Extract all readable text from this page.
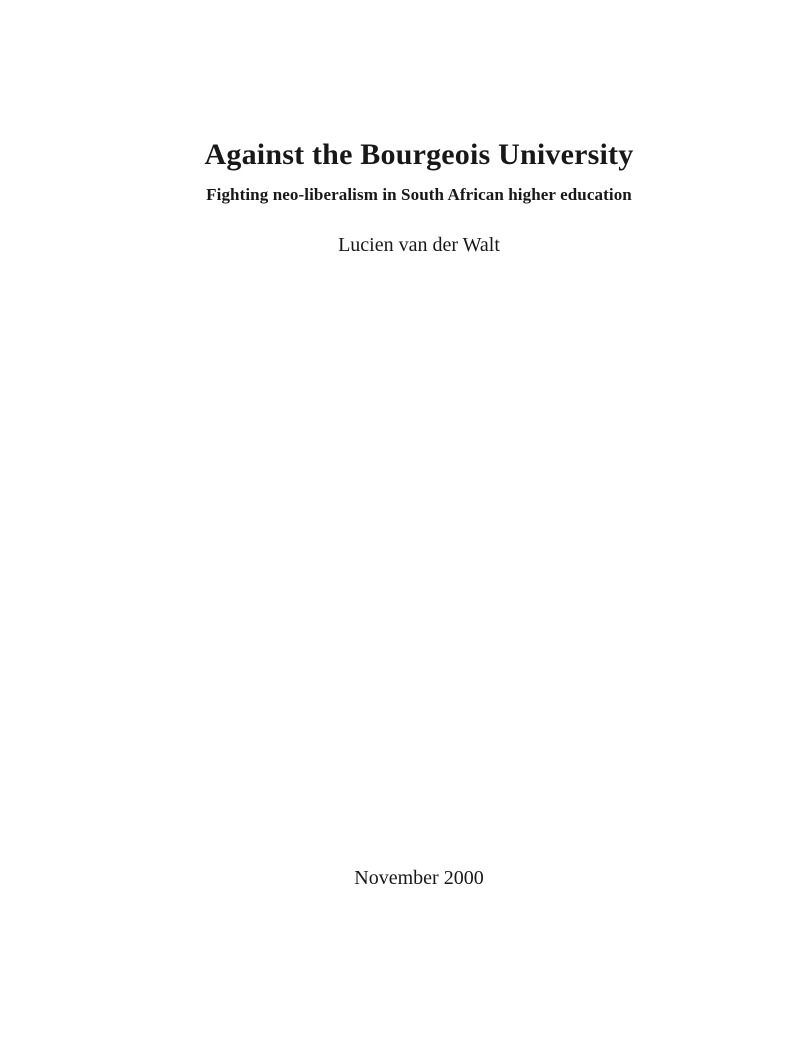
Against the Bourgeois University
Fighting neo-liberalism in South African higher education

Lucien van der Walt

November 2000
